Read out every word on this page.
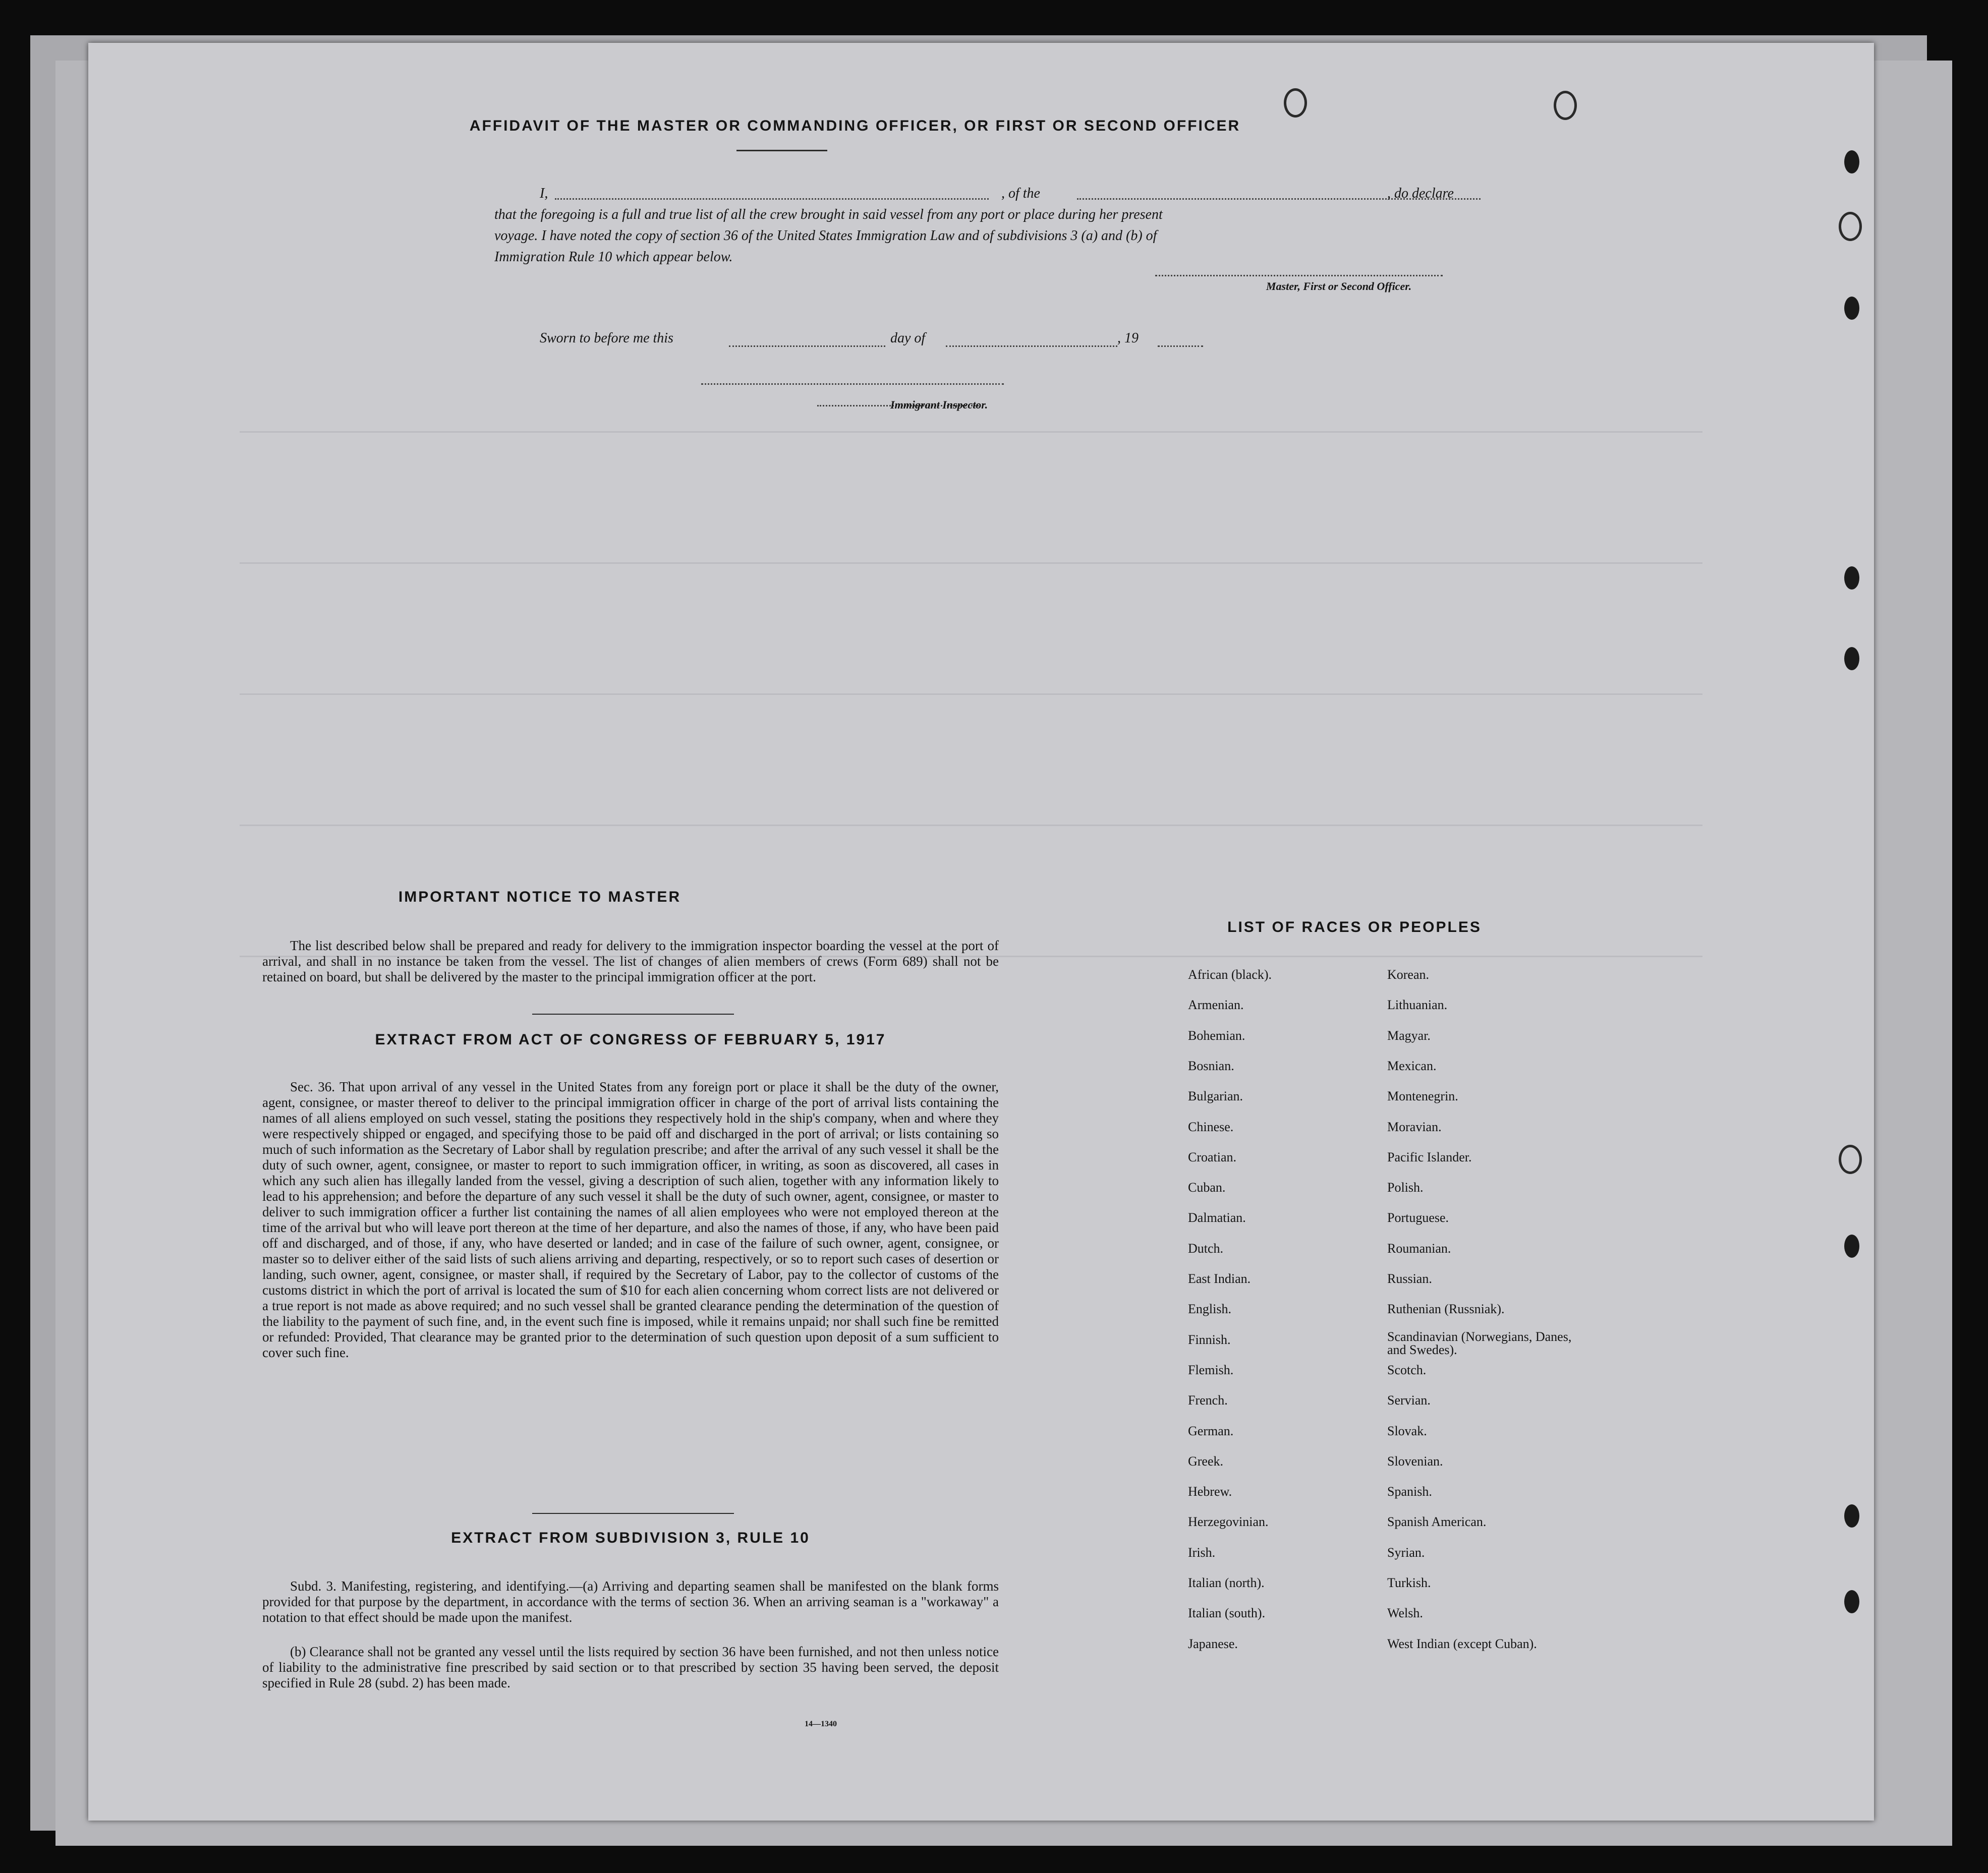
AFFIDAVIT OF THE MASTER OR COMMANDING OFFICER, OR FIRST OR SECOND OFFICER
I,	, of the	, do declare
that the foregoing is a full and true list of all the crew brought in said vessel from any port or place during her present
voyage. I have noted the copy of section 36 of the United States Immigration Law and of subdivisions 3 (a) and (b) of
Immigration Rule 10 which appear below.
Master, First or Second Officer.
Sworn to before me this	day of	, 19
Immigrant Inspector.
IMPORTANT NOTICE TO MASTER
The list described below shall be prepared and ready for delivery to the immigration inspector boarding the vessel at the port of arrival, and shall in no instance be taken from the vessel. The list of changes of alien members of crews (Form 689) shall not be retained on board, but shall be delivered by the master to the principal immigration officer at the port.
EXTRACT FROM ACT OF CONGRESS OF FEBRUARY 5, 1917
Sec. 36. That upon arrival of any vessel in the United States from any foreign port or place it shall be the duty of the owner, agent, consignee, or master thereof to deliver to the principal immigration officer in charge of the port of arrival lists containing the names of all aliens employed on such vessel, stating the positions they respectively hold in the ship's company, when and where they were respectively shipped or engaged, and specifying those to be paid off and discharged in the port of arrival; or lists containing so much of such information as the Secretary of Labor shall by regulation prescribe; and after the arrival of any such vessel it shall be the duty of such owner, agent, consignee, or master to report to such immigration officer, in writing, as soon as discovered, all cases in which any such alien has illegally landed from the vessel, giving a description of such alien, together with any information likely to lead to his apprehension; and before the departure of any such vessel it shall be the duty of such owner, agent, consignee, or master to deliver to such immigration officer a further list containing the names of all alien employees who were not employed thereon at the time of the arrival but who will leave port thereon at the time of her departure, and also the names of those, if any, who have been paid off and discharged, and of those, if any, who have deserted or landed; and in case of the failure of such owner, agent, consignee, or master so to deliver either of the said lists of such aliens arriving and departing, respectively, or so to report such cases of desertion or landing, such owner, agent, consignee, or master shall, if required by the Secretary of Labor, pay to the collector of customs of the customs district in which the port of arrival is located the sum of $10 for each alien concerning whom correct lists are not delivered or a true report is not made as above required; and no such vessel shall be granted clearance pending the determination of the question of the liability to the payment of such fine, and, in the event such fine is imposed, while it remains unpaid; nor shall such fine be remitted or refunded: Provided, That clearance may be granted prior to the determination of such question upon deposit of a sum sufficient to cover such fine.
EXTRACT FROM SUBDIVISION 3, RULE 10
Subd. 3. Manifesting, registering, and identifying.—(a) Arriving and departing seamen shall be manifested on the blank forms provided for that purpose by the department, in accordance with the terms of section 36. When an arriving seaman is a "workaway" a notation to that effect should be made upon the manifest.
(b) Clearance shall not be granted any vessel until the lists required by section 36 have been furnished, and not then unless notice of liability to the administrative fine prescribed by said section or to that prescribed by section 35 having been served, the deposit specified in Rule 28 (subd. 2) has been made.
14—1340
LIST OF RACES OR PEOPLES
African (black).
Armenian.
Bohemian.
Bosnian.
Bulgarian.
Chinese.
Croatian.
Cuban.
Dalmatian.
Dutch.
East Indian.
English.
Finnish.
Flemish.
French.
German.
Greek.
Hebrew.
Herzegovinian.
Irish.
Italian (north).
Italian (south).
Japanese.
Korean.
Lithuanian.
Magyar.
Mexican.
Montenegrin.
Moravian.
Pacific Islander.
Polish.
Portuguese.
Roumanian.
Russian.
Ruthenian (Russniak).
Scandinavian (Norwegians, Danes, and Swedes).
Scotch.
Servian.
Slovak.
Slovenian.
Spanish.
Spanish American.
Syrian.
Turkish.
Welsh.
West Indian (except Cuban).
